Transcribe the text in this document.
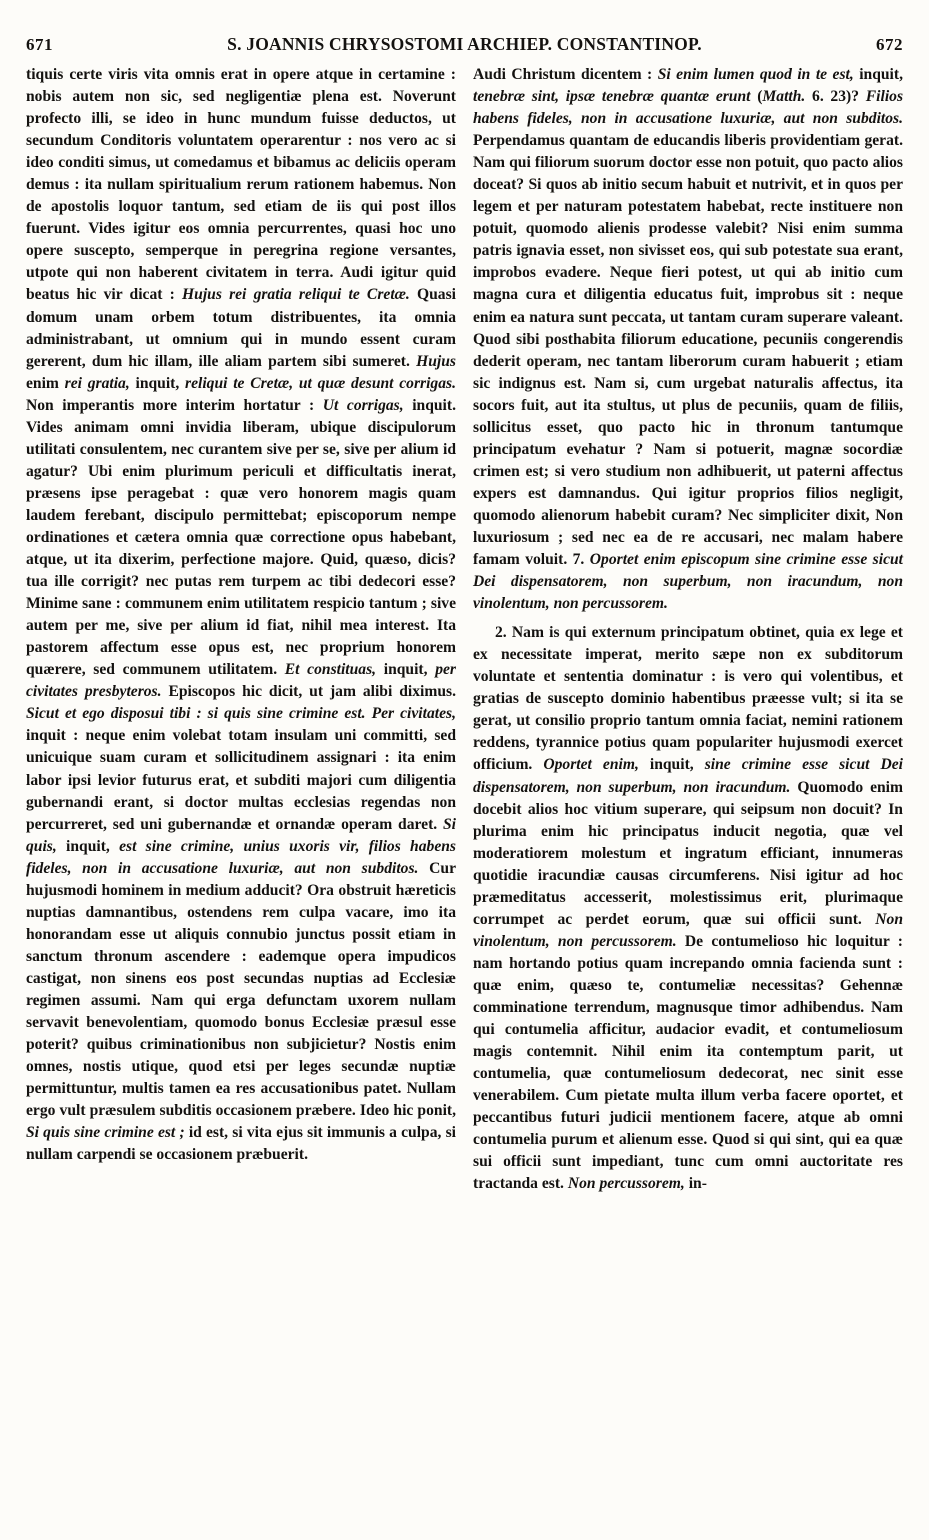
671	S. JOANNIS CHRYSOSTOMI ARCHIEP. CONSTANTINOP.	672

tiquis certe viris vita omnis erat in opere atque in certamine : nobis autem non sic, sed negligentiæ plena est. Noverunt profecto illi, se ideo in hunc mundum fuisse deductos, ut secundum Conditoris voluntatem operarentur : nos vero ac si ideo conditi simus, ut comedamus et bibamus ac deliciis operam demus : ita nullam spiritualium rerum rationem habemus. Non de apostolis loquor tantum, sed etiam de iis qui post illos fuerunt. Vides igitur eos omnia percurrentes, quasi hoc uno opere suscepto, semperque in peregrina regione versantes, utpote qui non haberent civitatem in terra. Audi igitur quid beatus hic vir dicat : Hujus rei gratia reliqui te Cretæ. Quasi domum unam orbem totum distribuentes, ita omnia administrabant, ut omnium qui in mundo essent curam gererent, dum hic illam, ille aliam partem sibi sumeret. Hujus enim rei gratia, inquit, reliqui te Cretæ, ut quæ desunt corrigas. Non imperantis more interim hortatur : Ut corrigas, inquit. Vides animam omni invidia liberam, ubique discipulorum utilitati consulentem, nec curantem sive per se, sive per alium id agatur? Ubi enim plurimum periculi et difficultatis inerat, præsens ipse peragebat : quæ vero honorem magis quam laudem ferebant, discipulo permittebat; episcoporum nempe ordinationes et cætera omnia quæ correctione opus habebant, atque, ut ita dixerim, perfectione majore. Quid, quæso, dicis? tua ille corrigit? nec putas rem turpem ac tibi dedecori esse? Minime sane : communem enim utilitatem respicio tantum ; sive autem per me, sive per alium id fiat, nihil mea interest. Ita pastorem affectum esse opus est, nec proprium honorem quærere, sed communem utilitatem. Et constituas, inquit, per civitates presbyteros. Episcopos hic dicit, ut jam alibi diximus. Sicut et ego disposui tibi : si quis sine crimine est. Per civitates, inquit : neque enim volebat totam insulam uni committi, sed unicuique suam curam et sollicitudinem assignari : ita enim labor ipsi levior futurus erat, et subditi majori cum diligentia gubernandi erant, si doctor multas ecclesias regendas non percurreret, sed uni gubernandæ et ornandæ operam daret. Si quis, inquit, est sine crimine, unius uxoris vir, filios habens fideles, non in accusatione luxuriæ, aut non subditos. Cur hujusmodi hominem in medium adducit? Ora obstruit hæreticis nuptias damnantibus, ostendens rem culpa vacare, imo ita honorandam esse ut aliquis connubio junctus possit etiam in sanctum thronum ascendere : eademque opera impudicos castigat, non sinens eos post secundas nuptias ad Ecclesiæ regimen assumi. Nam qui erga defunctam uxorem nullam servavit benevolentiam, quomodo bonus Ecclesiæ præsul esse poterit? quibus criminationibus non subjicietur? Nostis enim omnes, nostis utique, quod etsi per leges secundæ nuptiæ permittuntur, multis tamen ea res accusationibus patet. Nullam ergo vult præsulem subditis occasionem præbere. Ideo hic ponit, Si quis sine crimine est ; id est, si vita ejus sit immunis a culpa, si nullam carpendi se occasionem præbuerit.

Audi Christum dicentem : Si enim lumen quod in te est, inquit, tenebræ sint, ipsæ tenebræ quantæ erunt (Matth. 6. 23)? Filios habens fideles, non in accusatione luxuriæ, aut non subditos. Perpendamus quantam de educandis liberis providentiam gerat. Nam qui filiorum suorum doctor esse non potuit, quo pacto alios doceat? Si quos ab initio secum habuit et nutrivit, et in quos per legem et per naturam potestatem habebat, recte instituere non potuit, quomodo alienis prodesse valebit? Nisi enim summa patris ignavia esset, non sivisset eos, qui sub potestate sua erant, improbos evadere. Neque fieri potest, ut qui ab initio cum magna cura et diligentia educatus fuit, improbus sit : neque enim ea natura sunt peccata, ut tantam curam superare valeant. Quod sibi posthabita filiorum educatione, pecuniis congerendis dederit operam, nec tantam liberorum curam habuerit ; etiam sic indignus est. Nam si, cum urgebat naturalis affectus, ita socors fuit, aut ita stultus, ut plus de pecuniis, quam de filiis, sollicitus esset, quo pacto hic in thronum tantumque principatum evehatur ? Nam si potuerit, magnæ socordiæ crimen est; si vero studium non adhibuerit, ut paterni affectus expers est damnandus. Qui igitur proprios filios negligit, quomodo alienorum habebit curam? Nec simpliciter dixit, Non luxuriosum ; sed nec ea de re accusari, nec malam habere famam voluit. 7. Oportet enim episcopum sine crimine esse sicut Dei dispensatorem, non superbum, non iracundum, non vinolentum, non percussorem.

2. Nam is qui externum principatum obtinet, quia ex lege et ex necessitate imperat, merito sæpe non ex subditorum voluntate et sententia dominatur : is vero qui volentibus, et gratias de suscepto dominio habentibus præesse vult; si ita se gerat, ut consilio proprio tantum omnia faciat, nemini rationem reddens, tyrannice potius quam populariter hujusmodi exercet officium. Oportet enim, inquit, sine crimine esse sicut Dei dispensatorem, non superbum, non iracundum. Quomodo enim docebit alios hoc vitium superare, qui seipsum non docuit? In plurima enim hic principatus inducit negotia, quæ vel moderatiorem molestum et ingratum efficiant, innumeras quotidie iracundiæ causas circumferens. Nisi igitur ad hoc præmeditatus accesserit, molestissimus erit, plurimaque corrumpet ac perdet eorum, quæ sui officii sunt. Non vinolentum, non percussorem. De contumelioso hic loquitur : nam hortando potius quam increpando omnia facienda sunt : quæ enim, quæso te, contumeliæ necessitas? Gehennæ comminatione terrendum, magnusque timor adhibendus. Nam qui contumelia afficitur, audacior evadit, et contumeliosum magis contemnit. Nihil enim ita contemptum parit, ut contumelia, quæ contumeliosum dedecorat, nec sinit esse venerabilem. Cum pietate multa illum verba facere oportet, et peccantibus futuri judicii mentionem facere, atque ab omni contumelia purum et alienum esse. Quod si qui sint, qui ea quæ sui officii sunt impediant, tunc cum omni auctoritate res tractanda est. Non percussorem, in-
